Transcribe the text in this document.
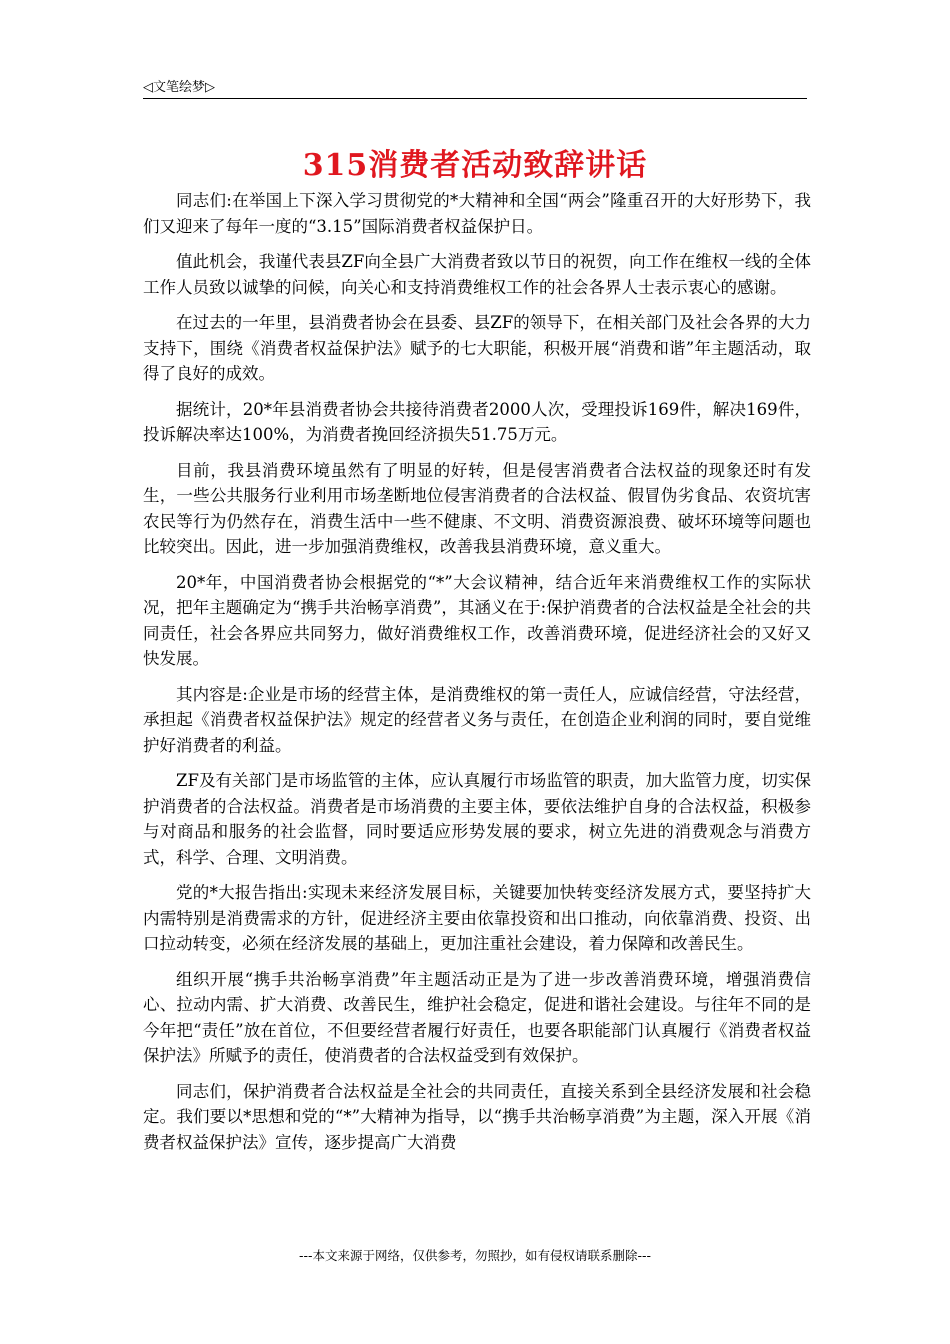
◁文笔绘梦▷
315消费者活动致辞讲话

同志们:在举国上下深入学习贯彻党的*大精神和全国“两会”隆重召开的大好形势下，我们又迎来了每年一度的“3.15”国际消费者权益保护日。

值此机会，我谨代表县ZF向全县广大消费者致以节日的祝贺，向工作在维权一线的全体工作人员致以诚挚的问候，向关心和支持消费维权工作的社会各界人士表示衷心的感谢。

在过去的一年里，县消费者协会在县委、县ZF的领导下，在相关部门及社会各界的大力支持下，围绕《消费者权益保护法》赋予的七大职能，积极开展“消费和谐”年主题活动，取得了良好的成效。

据统计，20*年县消费者协会共接待消费者2000人次，受理投诉169件，解决169件，投诉解决率达100%，为消费者挽回经济损失51.75万元。

目前，我县消费环境虽然有了明显的好转，但是侵害消费者合法权益的现象还时有发生，一些公共服务行业利用市场垄断地位侵害消费者的合法权益、假冒伪劣食品、农资坑害农民等行为仍然存在，消费生活中一些不健康、不文明、消费资源浪费、破坏环境等问题也比较突出。因此，进一步加强消费维权，改善我县消费环境，意义重大。

20*年，中国消费者协会根据党的“*”大会议精神，结合近年来消费维权工作的实际状况，把年主题确定为“携手共治畅享消费”，其涵义在于:保护消费者的合法权益是全社会的共同责任，社会各界应共同努力，做好消费维权工作，改善消费环境，促进经济社会的又好又快发展。

其内容是:企业是市场的经营主体，是消费维权的第一责任人，应诚信经营，守法经营，承担起《消费者权益保护法》规定的经营者义务与责任，在创造企业利润的同时，要自觉维护好消费者的利益。

ZF及有关部门是市场监管的主体，应认真履行市场监管的职责，加大监管力度，切实保护消费者的合法权益。消费者是市场消费的主要主体，要依法维护自身的合法权益，积极参与对商品和服务的社会监督，同时要适应形势发展的要求，树立先进的消费观念与消费方式，科学、合理、文明消费。

党的*大报告指出:实现未来经济发展目标，关键要加快转变经济发展方式，要坚持扩大内需特别是消费需求的方针，促进经济主要由依靠投资和出口推动，向依靠消费、投资、出口拉动转变，必须在经济发展的基础上，更加注重社会建设，着力保障和改善民生。

组织开展“携手共治畅享消费”年主题活动正是为了进一步改善消费环境，增强消费信心、拉动内需、扩大消费、改善民生，维护社会稳定，促进和谐社会建设。与往年不同的是今年把“责任”放在首位，不但要经营者履行好责任，也要各职能部门认真履行《消费者权益保护法》所赋予的责任，使消费者的合法权益受到有效保护。

同志们，保护消费者合法权益是全社会的共同责任，直接关系到全县经济发展和社会稳定。我们要以*思想和党的“*”大精神为指导，以“携手共治畅享消费”为主题，深入开展《消费者权益保护法》宣传，逐步提高广大消费

---本文来源于网络，仅供参考，勿照抄，如有侵权请联系删除---
